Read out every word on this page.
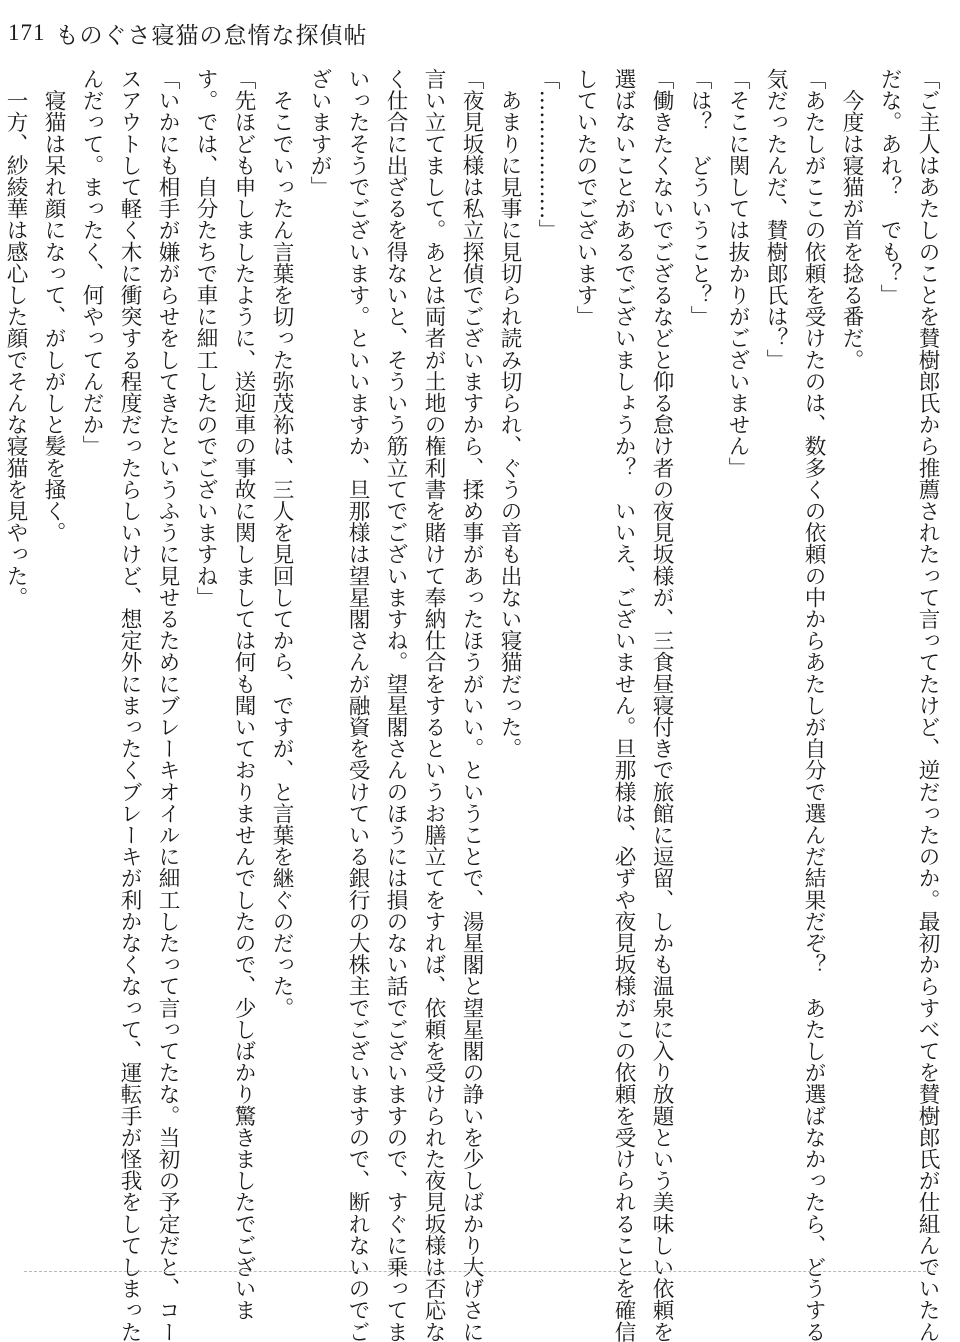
171 ものぐさ寝猫の怠惰な探偵帖
「ご主人はあたしのことを賛樹郎氏から推薦されたって言ってたけど、逆だったのか。最初からすべてを賛樹郎氏が仕組んでいたん
だな。あれ？　でも？」
　今度は寝猫が首を捻る番だ。
「あたしがここの依頼を受けたのは、数多くの依頼の中からあたしが自分で選んだ結果だぞ？　あたしが選ばなかったら、どうする
気だったんだ、賛樹郎氏は？」
「そこに関しては抜かりがございません」
「は？　どういうこと？」
「働きたくないでござるなどと仰る怠け者の夜見坂様が、三食昼寝付きで旅館に逗留、しかも温泉に入り放題という美味しい依頼を
選ばないことがあるでございましょうか？　いいえ、ございません。旦那様は、必ずや夜見坂様がこの依頼を受けられることを確信
していたのでございます」
「………………」
　あまりに見事に見切られ読み切られ、ぐうの音も出ない寝猫だった。
「夜見坂様は私立探偵でございますから、揉め事があったほうがいい。ということで、湯星閣と望星閣の諍いを少しばかり大げさに
言い立てまして。あとは両者が土地の権利書を賭けて奉納仕合をするというお膳立てをすれば、依頼を受けられた夜見坂様は否応な
く仕合に出ざるを得ないと、そういう筋立てでございますね。望星閣さんのほうには損のない話でございますので、すぐに乗ってま
いったそうでございます。といいますか、旦那様は望星閣さんが融資を受けている銀行の大株主でございますので、断れないのでご
ざいますが」
　そこでいったん言葉を切った弥茂袮は、三人を見回してから、ですが、と言葉を継ぐのだった。
「先ほども申しましたように、送迎車の事故に関しましては何も聞いておりませんでしたので、少しばかり驚きましたでございま
す。では、自分たちで車に細工したのでございますね」
「いかにも相手が嫌がらせをしてきたというふうに見せるためにブレーキオイルに細工したって言ってたな。当初の予定だと、コー
スアウトして軽く木に衝突する程度だったらしいけど、想定外にまったくブレーキが利かなくなって、運転手が怪我をしてしまった
んだって。まったく、何やってんだか」
　寝猫は呆れ顔になって、がしがしと髪を掻く。
　一方、紗綾華は感心した顔でそんな寝猫を見やった。
